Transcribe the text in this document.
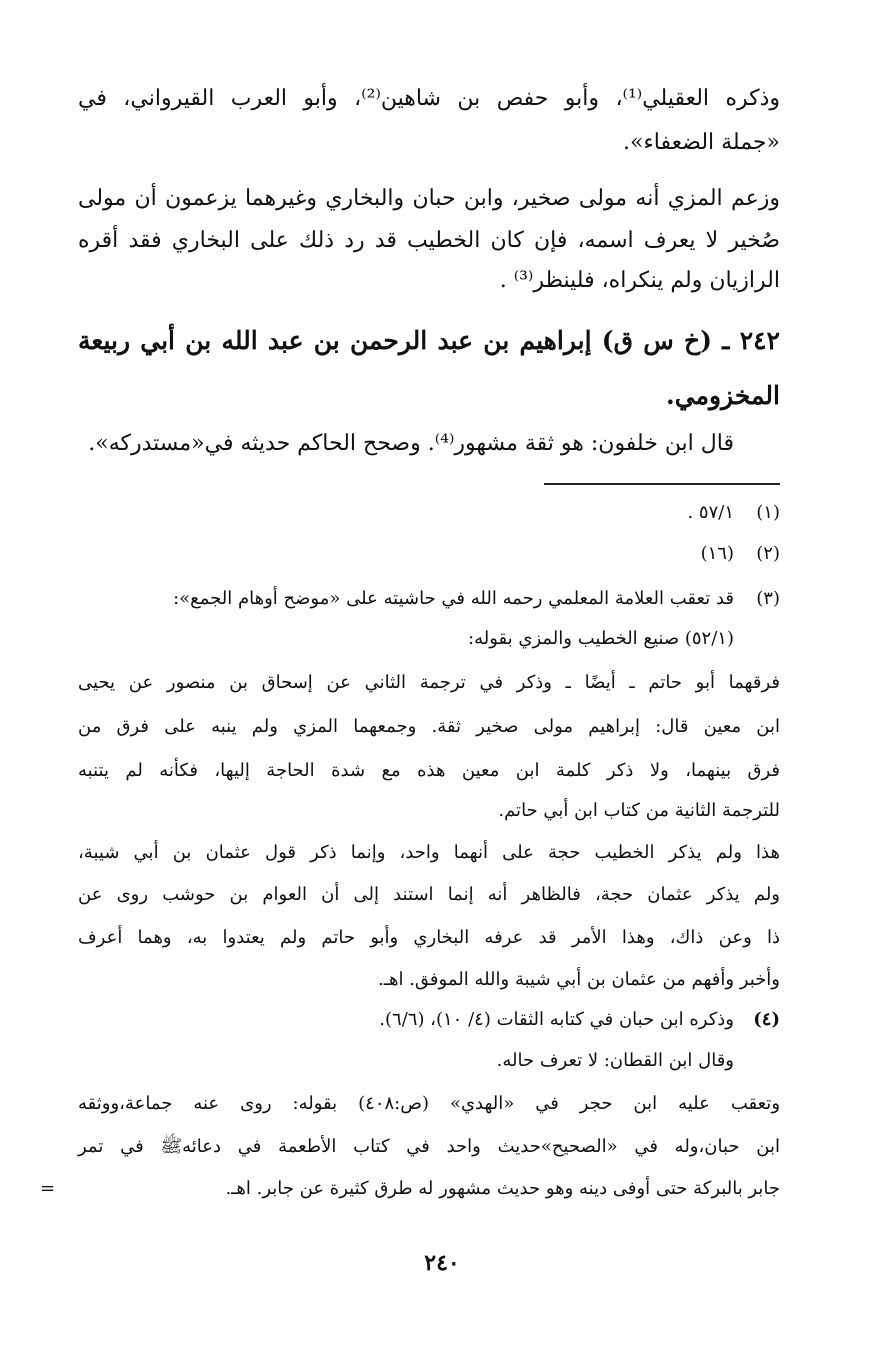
وذكره العقيلي⁽¹⁾، وأبو حفص بن شاهين⁽²⁾، وأبو العرب القيرواني، في
«جملة الضعفاء».
وزعم المزي أنه مولى صخير، وابن حبان والبخاري وغيرهما يزعمون أن مولى
صُخير لا يعرف اسمه، فإن كان الخطيب قد رد ذلك على البخاري فقد أقره
الرازيان ولم ينكراه، فلينظر⁽³⁾ .
٢٤٢ ـ (خ س ق) إبراهيم بن عبد الرحمن بن عبد الله بن أبي ربيعة
المخزومي.
قال ابن خلفون: هو ثقة مشهور⁽⁴⁾. وصحح الحاكم حديثه في«مستدركه».
(١)
٥٧/١ .
(٢)
(١٦)
(٣)
قد تعقب العلامة المعلمي رحمه الله في حاشيته على «موضح أوهام الجمع»:
(٥٢/١) صنيع الخطيب والمزي بقوله:
فرقهما أبو حاتم ـ أيضًا ـ وذكر في ترجمة الثاني عن إسحاق بن منصور عن يحيى
ابن معين قال: إبراهيم مولى صخير ثقة. وجمعهما المزي ولم ينبه على فرق من
فرق بينهما، ولا ذكر كلمة ابن معين هذه مع شدة الحاجة إليها، فكأنه لم يتنبه
للترجمة الثانية من كتاب ابن أبي حاتم.
هذا ولم يذكر الخطيب حجة على أنهما واحد، وإنما ذكر قول عثمان بن أبي شيبة،
ولم يذكر عثمان حجة، فالظاهر أنه إنما استند إلى أن العوام بن حوشب روى عن
ذا وعن ذاك، وهذا الأمر قد عرفه البخاري وأبو حاتم ولم يعتدوا به، وهما أعرف
وأخبر وأفهم من عثمان بن أبي شيبة والله الموفق. اهـ.
(٤)
وذكره ابن حبان في كتابه الثقات (٤/ ١٠)، (٦/٦).
وقال ابن القطان: لا تعرف حاله.
وتعقب عليه ابن حجر في «الهدي» (ص:٤٠٨) بقوله: روى عنه جماعة،ووثقه
ابن حبان،وله في «الصحيح»حديث واحد في كتاب الأطعمة في دعائهﷺ في تمر
جابر بالبركة حتى أوفى دينه وهو حديث مشهور له طرق كثيرة عن جابر. اهـ.
=
٢٤٠
